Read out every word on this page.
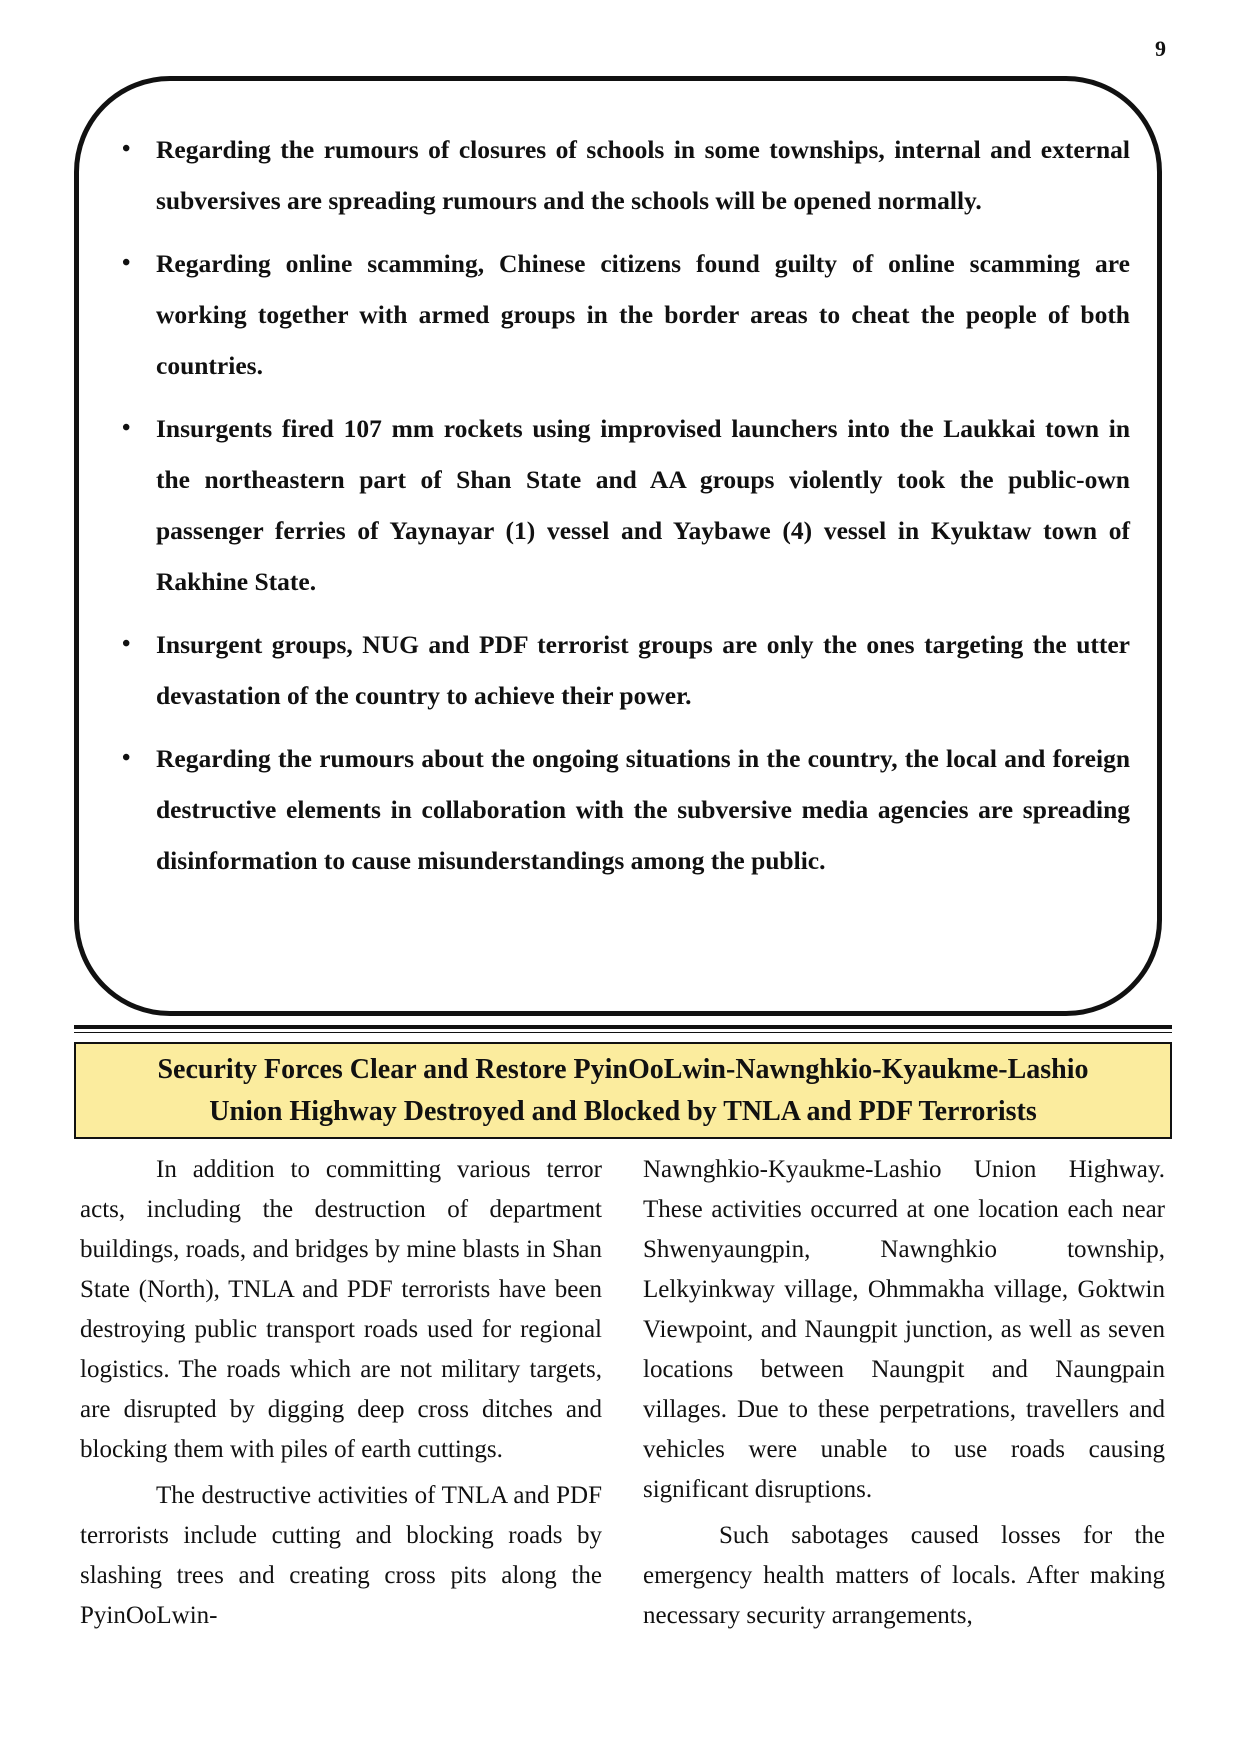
9
• Regarding the rumours of closures of schools in some townships, internal and external subversives are spreading rumours and the schools will be opened normally.
• Regarding online scamming, Chinese citizens found guilty of online scamming are working together with armed groups in the border areas to cheat the people of both countries.
• Insurgents fired 107 mm rockets using improvised launchers into the Laukkai town in the northeastern part of Shan State and AA groups violently took the public-own passenger ferries of Yaynayar (1) vessel and Yaybawe (4) vessel in Kyuktaw town of Rakhine State.
• Insurgent groups, NUG and PDF terrorist groups are only the ones targeting the utter devastation of the country to achieve their power.
• Regarding the rumours about the ongoing situations in the country, the local and foreign destructive elements in collaboration with the subversive media agencies are spreading disinformation to cause misunderstandings among the public.
Security Forces Clear and Restore PyinOoLwin-Nawnghkio-Kyaukme-Lashio
Union Highway Destroyed and Blocked by TNLA and PDF Terrorists

In addition to committing various terror acts, including the destruction of department buildings, roads, and bridges by mine blasts in Shan State (North), TNLA and PDF terrorists have been destroying public transport roads used for regional logistics. The roads which are not military targets, are disrupted by digging deep cross ditches and blocking them with piles of earth cuttings.

The destructive activities of TNLA and PDF terrorists include cutting and blocking roads by slashing trees and creating cross pits along the PyinOoLwin-

Nawnghkio-Kyaukme-Lashio Union Highway. These activities occurred at one location each near Shwenyaungpin, Nawnghkio township, Lelkyinkway village, Ohmmakha village, Goktwin Viewpoint, and Naungpit junction, as well as seven locations between Naungpit and Naungpain villages. Due to these perpetrations, travellers and vehicles were unable to use roads causing significant disruptions.

Such sabotages caused losses for the emergency health matters of locals. After making necessary security arrangements,
